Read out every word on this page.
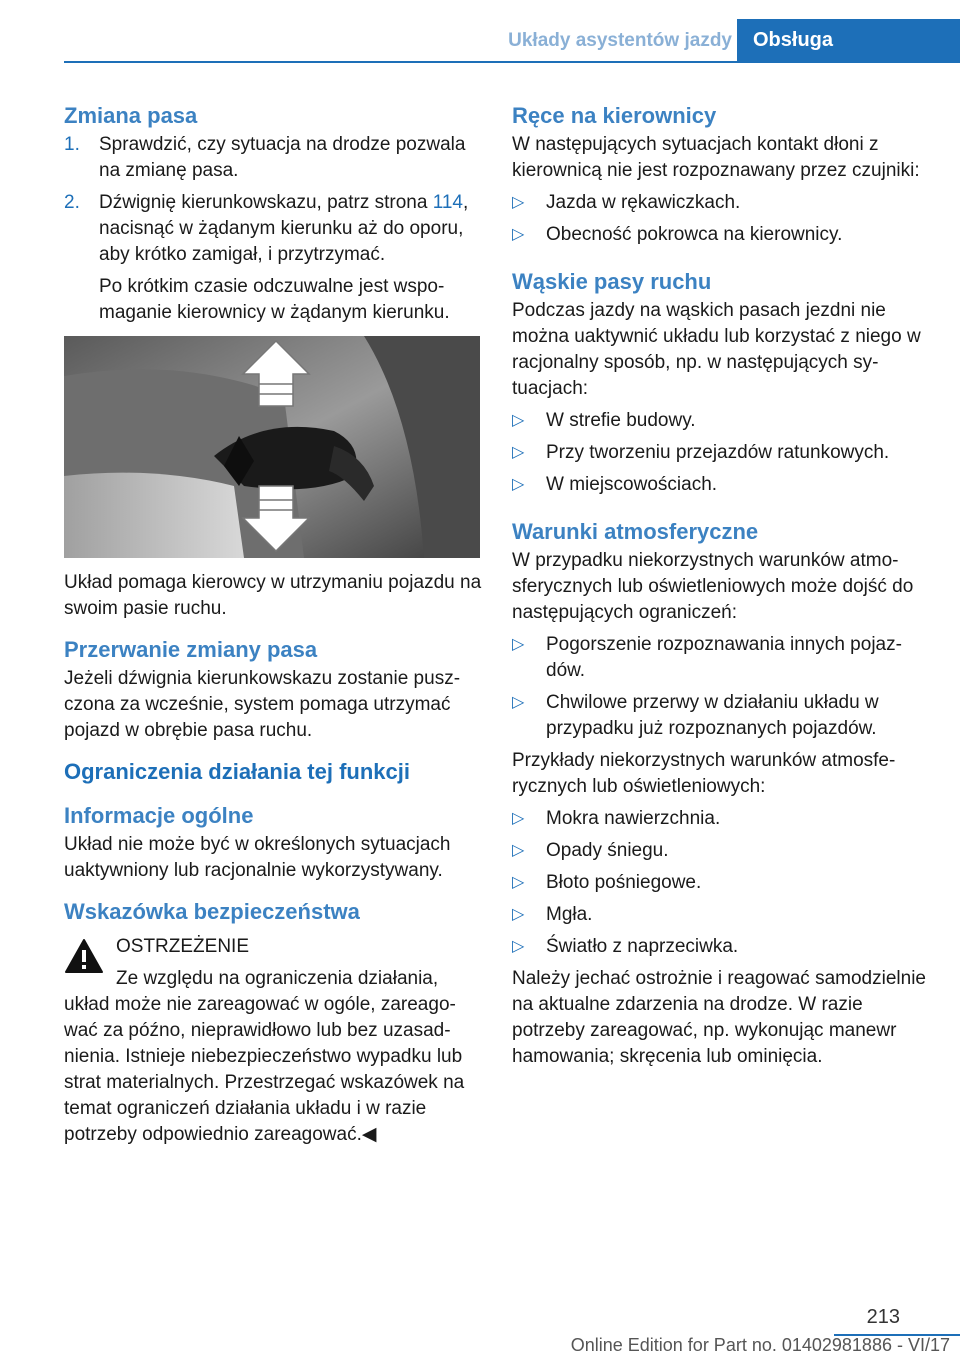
Układy asystentów jazdy	Obsługa
Zmiana pasa
1. Sprawdzić, czy sytuacja na drodze pozwala na zmianę pasa.
2. Dźwignię kierunkowskazu, patrz strona 114, nacisnąć w żądanym kierunku aż do oporu, aby krótko zamigał, i przytrzymać.
Po krótkim czasie odczuwalne jest wspomaganie kierownicy w żądanym kierunku.

Układ pomaga kierowcy w utrzymaniu pojazdu na swoim pasie ruchu.

Przerwanie zmiany pasa

Jeżeli dźwignia kierunkowskazu zostanie puszczona za wcześnie, system pomaga utrzymać pojazd w obrębie pasa ruchu.

Ograniczenia działania tej funkcji
Informacje ogólne

Układ nie może być w określonych sytuacjach uaktywniony lub racjonalnie wykorzystywany.

Wskazówka bezpieczeństwa
OSTRZEŻENIE
Ze względu na ograniczenia działania,
układ może nie zareagować w ogóle, zareagować za późno, nieprawidłowo lub bez uzasadnienia. Istnieje niebezpieczeństwo wypadku lub strat materialnych. Przestrzegać wskazówek na temat ograniczeń działania układu i w razie potrzeby odpowiednio zareagować.◀
Ręce na kierownicy

W następujących sytuacjach kontakt dłoni z kierownicą nie jest rozpoznawany przez czujniki:

▷ Jazda w rękawiczkach.
▷ Obecność pokrowca na kierownicy.
Wąskie pasy ruchu

Podczas jazdy na wąskich pasach jezdni nie można uaktywnić układu lub korzystać z niego w racjonalny sposób, np. w następujących sytuacjach:

▷ W strefie budowy.
▷ Przy tworzeniu przejazdów ratunkowych.
▷ W miejscowościach.
Warunki atmosferyczne

W przypadku niekorzystnych warunków atmosferycznych lub oświetleniowych może dojść do następujących ograniczeń:

▷ Pogorszenie rozpoznawania innych pojazdów.
▷ Chwilowe przerwy w działaniu układu w przypadku już rozpoznanych pojazdów.

Przykłady niekorzystnych warunków atmosferycznych lub oświetleniowych:

▷ Mokra nawierzchnia.
▷ Opady śniegu.
▷ Błoto pośniegowe.
▷ Mgła.
▷ Światło z naprzeciwka.

Należy jechać ostrożnie i reagować samodzielnie na aktualne zdarzenia na drodze. W razie potrzeby zareagować, np. wykonując manewr hamowania; skręcenia lub ominięcia.

213
Online Edition for Part no. 01402981886 - VI/17
